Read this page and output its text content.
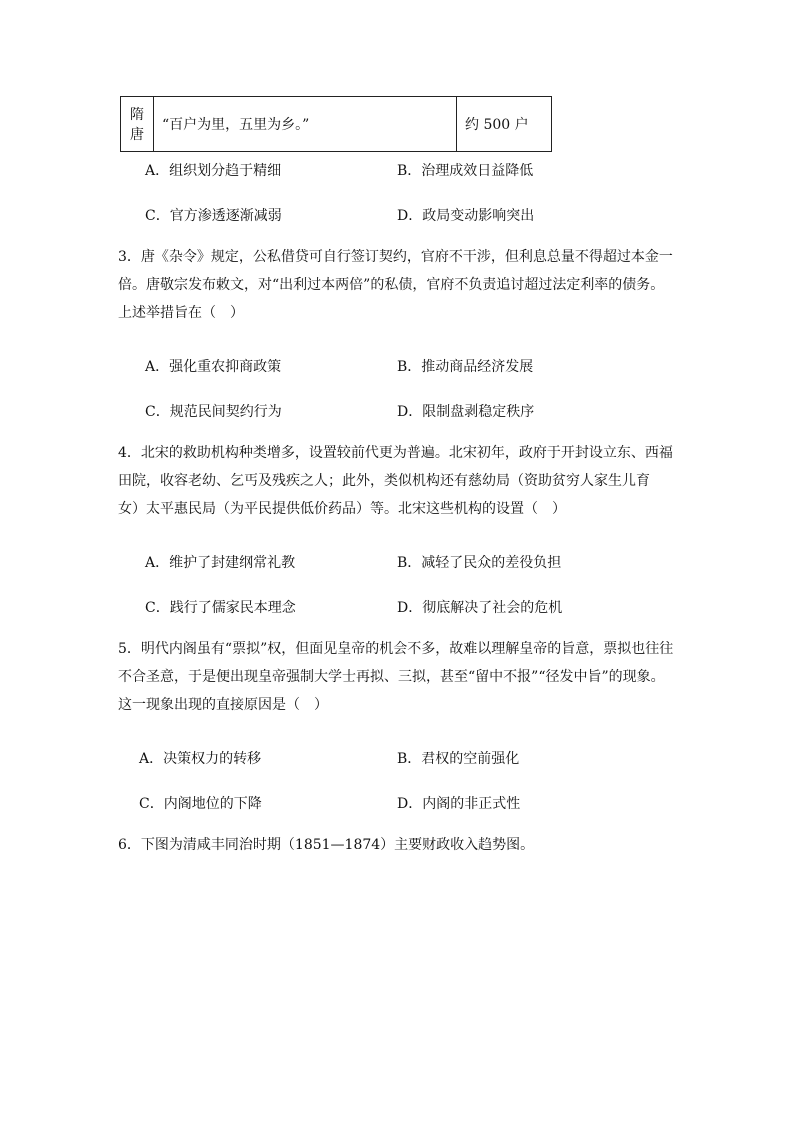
隋唐	“百户为里，五里为乡。”	约 500 户
A．组织划分趋于精细	B．治理成效日益降低
C．官方渗透逐渐减弱	D．政局变动影响突出
3．唐《杂令》规定，公私借贷可自行签订契约，官府不干涉，但利息总量不得超过本金一
倍。唐敬宗发布敕文，对“出利过本两倍”的私债，官府不负责追讨超过法定利率的债务。
上述举措旨在（　）
A．强化重农抑商政策	B．推动商品经济发展
C．规范民间契约行为	D．限制盘剥稳定秩序
4．北宋的救助机构种类增多，设置较前代更为普遍。北宋初年，政府于开封设立东、西福
田院，收容老幼、乞丐及残疾之人；此外，类似机构还有慈幼局（资助贫穷人家生儿育
女）太平惠民局（为平民提供低价药品）等。北宋这些机构的设置（　）
A．维护了封建纲常礼教	B．减轻了民众的差役负担
C．践行了儒家民本理念	D．彻底解决了社会的危机
5．明代内阁虽有“票拟”权，但面见皇帝的机会不多，故难以理解皇帝的旨意，票拟也往往
不合圣意，于是便出现皇帝强制大学士再拟、三拟，甚至“留中不报”“径发中旨”的现象。
这一现象出现的直接原因是（　）
A．决策权力的转移	B．君权的空前强化
C．内阁地位的下降	D．内阁的非正式性
6．下图为清咸丰同治时期（1851—1874）主要财政收入趋势图。
